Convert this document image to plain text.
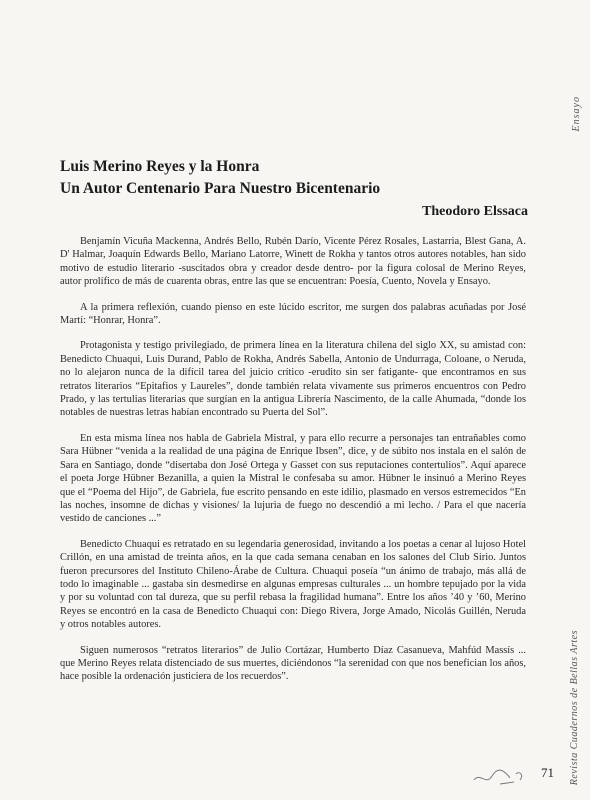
Ensayo
Luis Merino Reyes y la Honra
Un Autor Centenario Para Nuestro Bicentenario
Theodoro Elssaca

Benjamín Vicuña Mackenna, Andrés Bello, Rubén Darío, Vicente Pérez Rosales, Lastarria, Blest Gana, A. D' Halmar, Joaquín Edwards Bello, Mariano Latorre, Winett de Rokha y tantos otros autores notables, han sido motivo de estudio literario -suscitados obra y creador desde dentro- por la figura colosal de Merino Reyes, autor prolífico de más de cuarenta obras, entre las que se encuentran: Poesía, Cuento, Novela y Ensayo.

A la primera reflexión, cuando pienso en este lúcido escritor, me surgen dos palabras acuñadas por José Martí: “Honrar, Honra”.

Protagonista y testigo privilegiado, de primera línea en la literatura chilena del siglo XX, su amistad con: Benedicto Chuaqui, Luis Durand, Pablo de Rokha, Andrés Sabella, Antonio de Undurraga, Coloane, o Neruda, no lo alejaron nunca de la difícil tarea del juicio crítico -erudito sin ser fatigante- que encontramos en sus retratos literarios “Epitafios y Laureles”, donde también relata vivamente sus primeros encuentros con Pedro Prado, y las tertulias literarias que surgían en la antigua Librería Nascimento, de la calle Ahumada, “donde los notables de nuestras letras habían encontrado su Puerta del Sol”.

En esta misma línea nos habla de Gabriela Mistral, y para ello recurre a personajes tan entrañables como Sara Hübner “venida a la realidad de una página de Enrique Ibsen”, dice, y de súbito nos instala en el salón de Sara en Santiago, donde “disertaba don José Ortega y Gasset con sus reputaciones contertulios”. Aquí aparece el poeta Jorge Hübner Bezanilla, a quien la Mistral le confesaba su amor. Hübner le insinuó a Merino Reyes que el “Poema del Hijo”, de Gabriela, fue escrito pensando en este idilio, plasmado en versos estremecidos “En las noches, insomne de dichas y visiones/ la lujuria de fuego no descendió a mi lecho. / Para el que nacería vestido de canciones ...”

Benedicto Chuaqui es retratado en su legendaria generosidad, invitando a los poetas a cenar al lujoso Hotel Crillón, en una amistad de treinta años, en la que cada semana cenaban en los salones del Club Sirio. Juntos fueron precursores del Instituto Chileno-Árabe de Cultura. Chuaqui poseía “un ánimo de trabajo, más allá de todo lo imaginable ... gastaba sin desmedirse en algunas empresas culturales ... un hombre tepujado por la vida y por su voluntad con tal dureza, que su perfil rebasa la fragilidad humana”. Entre los años ’40 y ’60, Merino Reyes se encontró en la casa de Benedicto Chuaqui con: Diego Rivera, Jorge Amado, Nicolás Guillén, Neruda y otros notables autores.

Siguen numerosos “retratos literarios” de Julio Cortázar, Humberto Díaz Casanueva, Mahfúd Massís ... que Merino Reyes relata distenciado de sus muertes, diciéndonos “la serenidad con que nos benefician los años, hace posible la ordenación justiciera de los recuerdos”.	Revista Cuadernos de Bellas Artes
71
